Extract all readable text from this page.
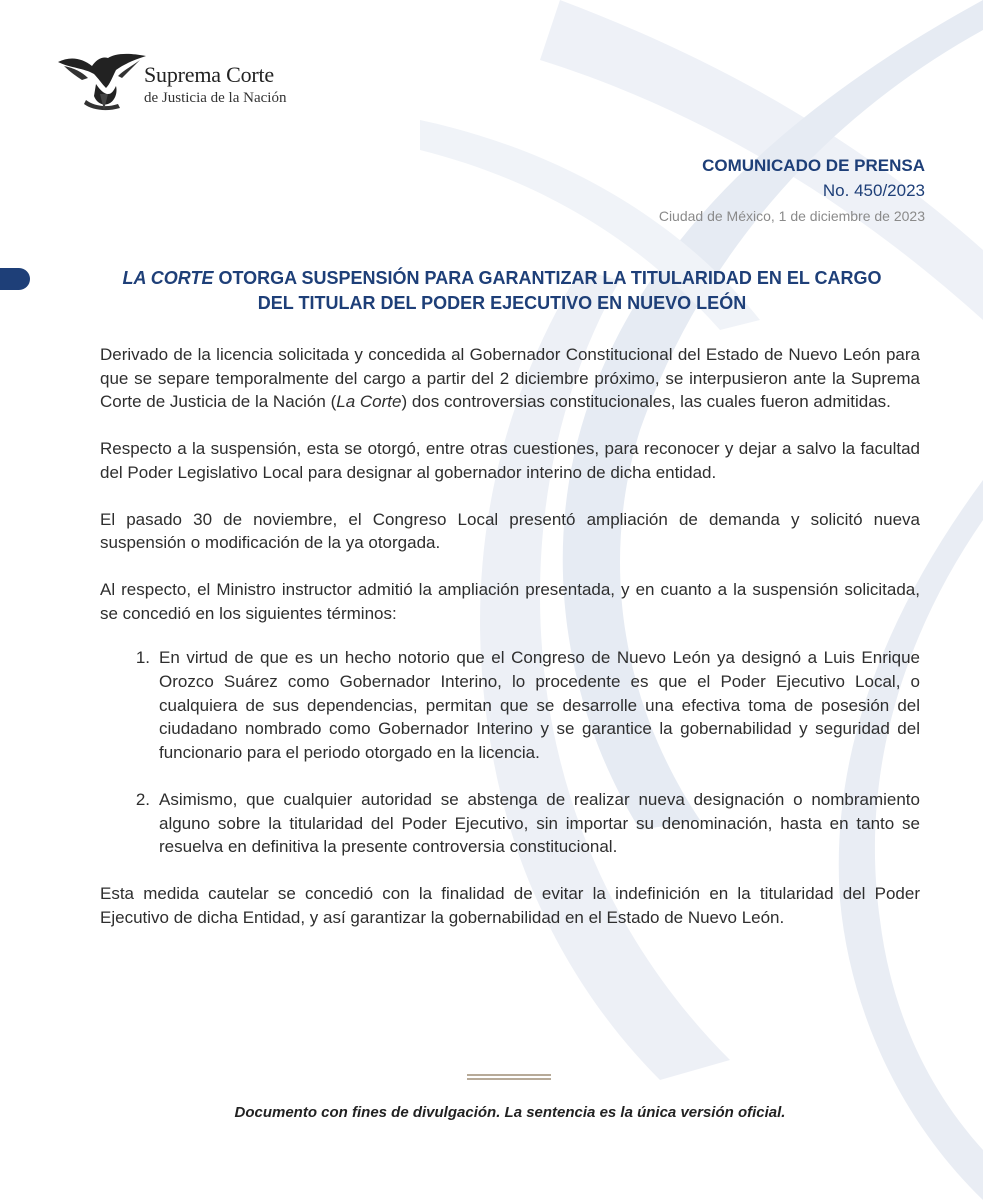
Suprema Corte
de Justicia de la Nación
COMUNICADO DE PRENSA
No. 450/2023
Ciudad de México, 1 de diciembre de 2023
LA CORTE OTORGA SUSPENSIÓN PARA GARANTIZAR LA TITULARIDAD EN EL CARGO
DEL TITULAR DEL PODER EJECUTIVO EN NUEVO LEÓN

Derivado de la licencia solicitada y concedida al Gobernador Constitucional del Estado de Nuevo León para que se separe temporalmente del cargo a partir del 2 diciembre próximo, se interpusieron ante la Suprema Corte de Justicia de la Nación (La Corte) dos controversias constitucionales, las cuales fueron admitidas.

Respecto a la suspensión, esta se otorgó, entre otras cuestiones, para reconocer y dejar a salvo la facultad del Poder Legislativo Local para designar al gobernador interino de dicha entidad.

El pasado 30 de noviembre, el Congreso Local presentó ampliación de demanda y solicitó nueva suspensión o modificación de la ya otorgada.

Al respecto, el Ministro instructor admitió la ampliación presentada, y en cuanto a la suspensión solicitada, se concedió en los siguientes términos:

1. En virtud de que es un hecho notorio que el Congreso de Nuevo León ya designó a Luis Enrique Orozco Suárez como Gobernador Interino, lo procedente es que el Poder Ejecutivo Local, o cualquiera de sus dependencias, permitan que se desarrolle una efectiva toma de posesión del ciudadano nombrado como Gobernador Interino y se garantice la gobernabilidad y seguridad del funcionario para el periodo otorgado en la licencia.
2. Asimismo, que cualquier autoridad se abstenga de realizar nueva designación o nombramiento alguno sobre la titularidad del Poder Ejecutivo, sin importar su denominación, hasta en tanto se resuelva en definitiva la presente controversia constitucional.

Esta medida cautelar se concedió con la finalidad de evitar la indefinición en la titularidad del Poder Ejecutivo de dicha Entidad, y así garantizar la gobernabilidad en el Estado de Nuevo León.

Documento con fines de divulgación. La sentencia es la única versión oficial.
